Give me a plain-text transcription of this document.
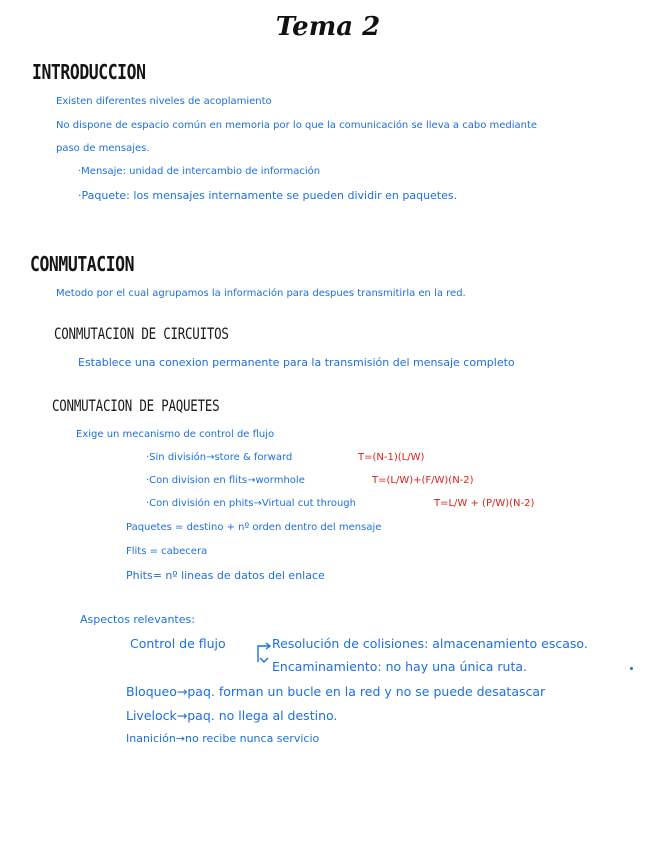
Tema 2
INTRODUCCION
Existen diferentes niveles de acoplamiento
No dispone de espacio común en memoria por lo que la comunicación se lleva a cabo mediante
paso de mensajes.
·Mensaje: unidad de intercambio de información
·Paquete: los mensajes internamente se pueden dividir en paquetes.
CONMUTACION
Metodo por el cual agrupamos la información para despues transmitirla en la red.
CONMUTACION DE CIRCUITOS
Establece una conexion permanente para la transmisión del mensaje completo
CONMUTACION DE PAQUETES
Exige un mecanismo de control de flujo
·Sin división→store & forward	T=(N-1)(L/W)
·Con division en flits→wormhole	T=(L/W)+(F/W)(N-2)
·Con división en phits→Virtual cut through	T=L/W + (P/W)(N-2)
Paquetes = destino + nº orden dentro del mensaje
Flits = cabecera
Phits= nº lineas de datos del enlace
Aspectos relevantes:
Control de flujo	Resolución de colisiones: almacenamiento escaso.
Encaminamiento: no hay una única ruta.
Bloqueo→paq. forman un bucle en la red y no se puede desatascar
Livelock→paq. no llega al destino.
Inanición→no recibe nunca servicio
